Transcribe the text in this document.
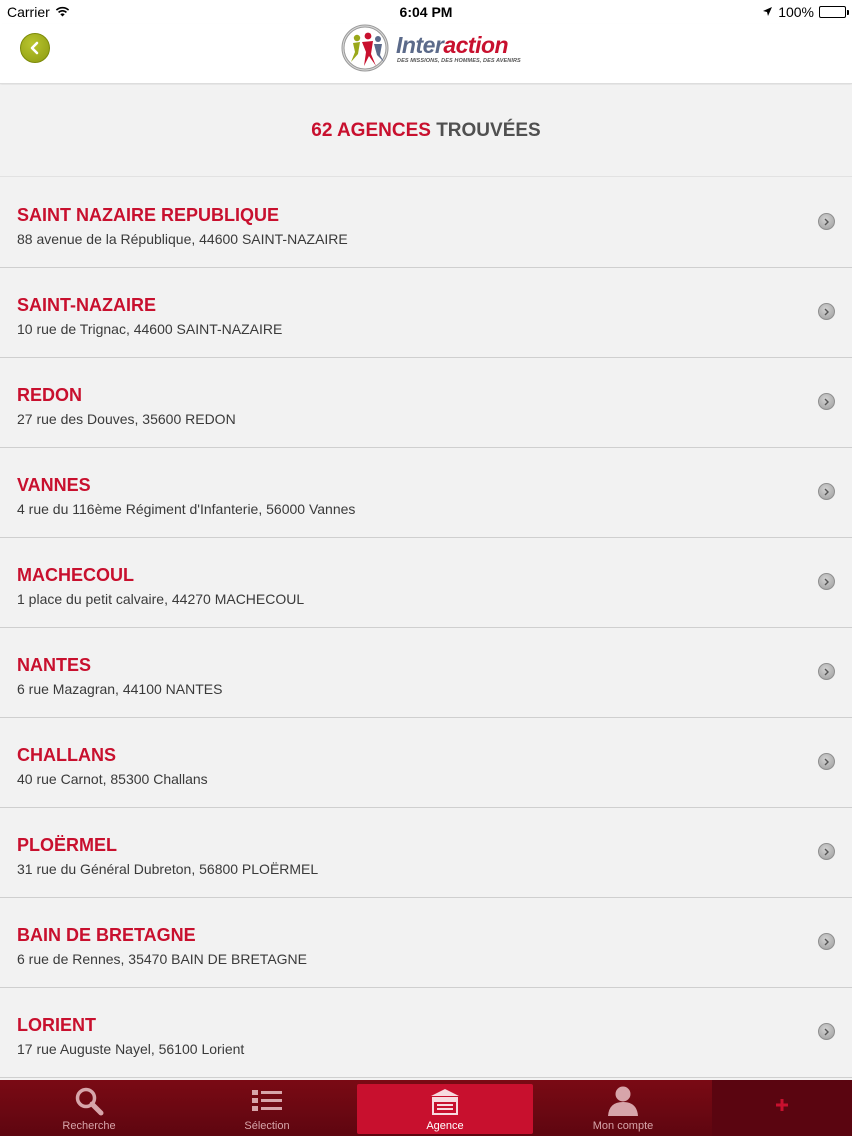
Carrier	6:04 PM	100%
Interaction
DES MISSIONS, DES HOMMES, DES AVENIRS
62 AGENCES TROUVÉES
SAINT NAZAIRE REPUBLIQUE
88 avenue de la République, 44600 SAINT-NAZAIRE
SAINT-NAZAIRE
10 rue de Trignac, 44600 SAINT-NAZAIRE
REDON
27 rue des Douves, 35600 REDON
VANNES
4 rue du 116ème Régiment d'Infanterie, 56000 Vannes
MACHECOUL
1 place du petit calvaire, 44270 MACHECOUL
NANTES
6 rue Mazagran, 44100 NANTES
CHALLANS
40 rue Carnot, 85300 Challans
PLOËRMEL
31 rue du Général Dubreton, 56800 PLOËRMEL
BAIN DE BRETAGNE
6 rue de Rennes, 35470 BAIN DE BRETAGNE
LORIENT
17 rue Auguste Nayel, 56100 Lorient
Recherche	Sélection	Agence	Mon compte
